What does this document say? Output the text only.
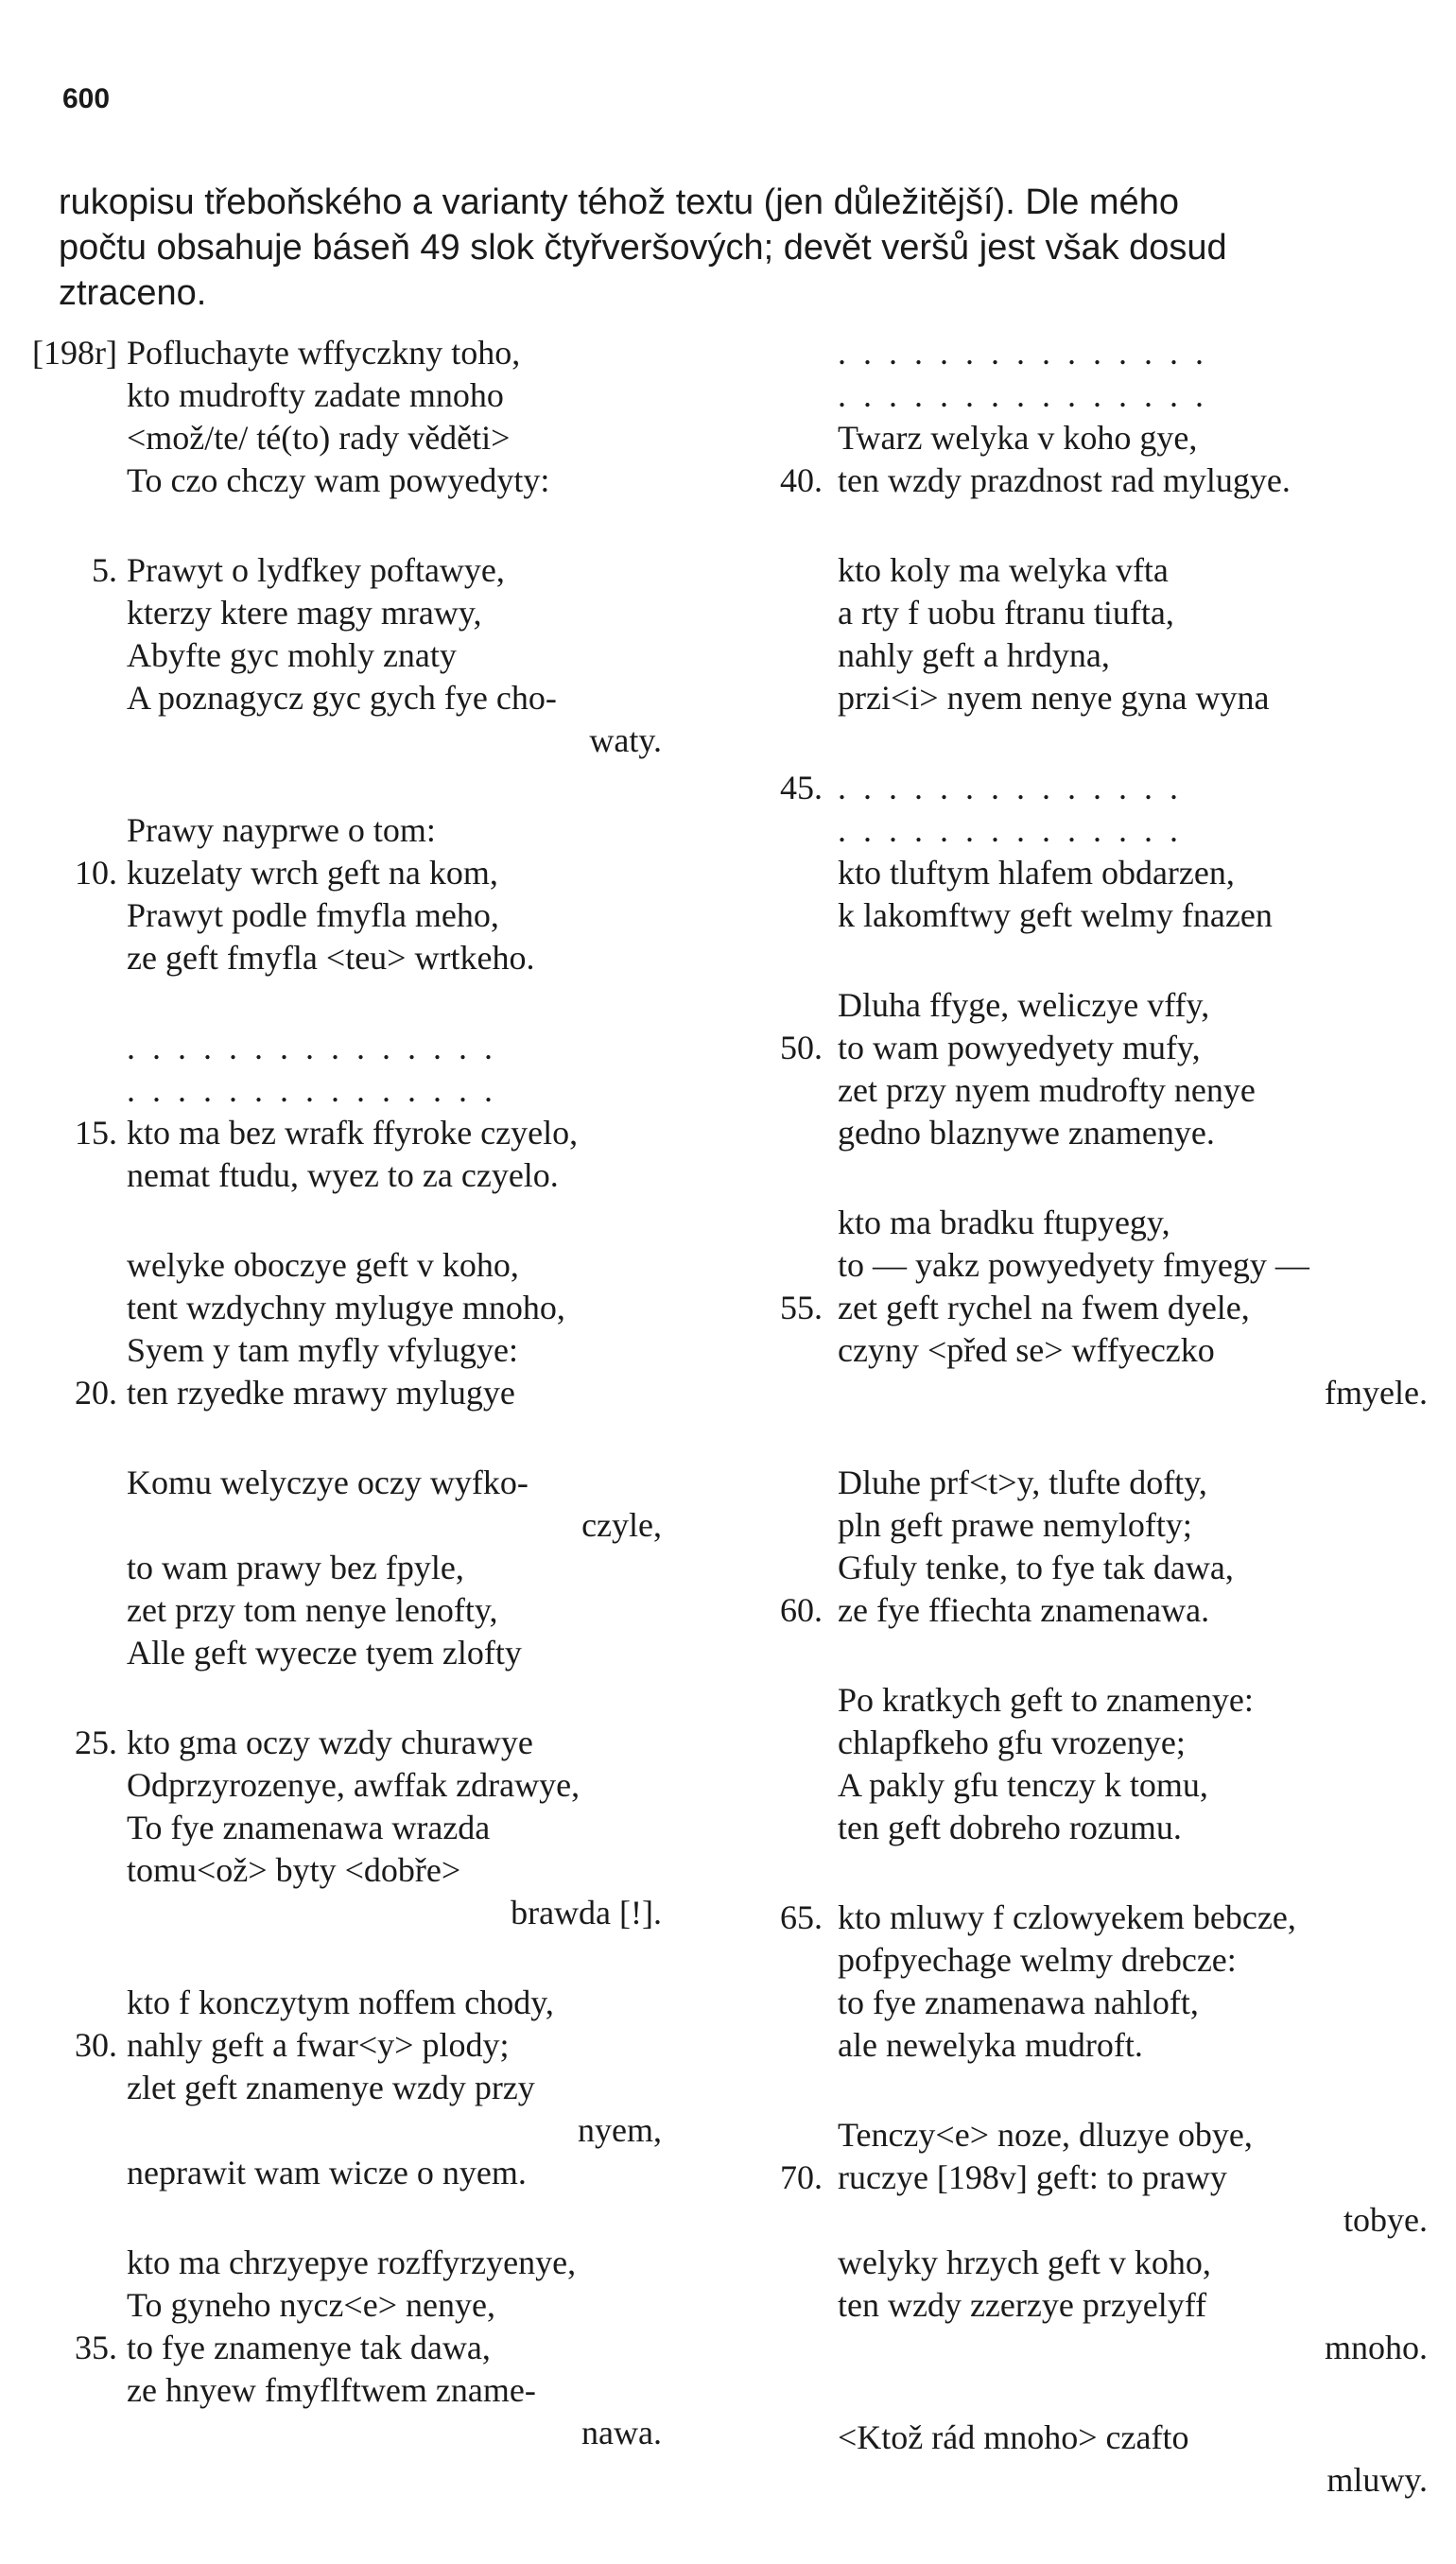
600
rukopisu třeboňského a varianty téhož textu (jen důležitější). Dle mého
počtu obsahuje báseň 49 slok čtyřveršových; devět veršů jest však dosud
ztraceno.
[198r] Pofluchayte wffyczkny toho,
kto mudrofty zadate mnoho
<mož/te/ té(to) rady věděti>
To czo chczy wam powyedyty:
5. Prawyt o lydfkey poftawye,
kterzy ktere magy mrawy,
Abyfte gyc mohly znaty
A poznagycz gyc gych fye cho-
waty.
Prawy nayprwe o tom:
10. kuzelaty wrch geft na kom,
Prawyt podle fmyfla meho,
ze geft fmyfla <teu> wrtkeho.
...............
...............
15. kto ma bez wrafk ffyroke czyelo,
nemat ftudu, wyez to za czyelo.
welyke oboczye geft v koho,
tent wzdychny mylugye mnoho,
Syem y tam myfly vfylugye:
20. ten rzyedke mrawy mylugye
Komu welyczye oczy wyfko-
czyle,
to wam prawy bez fpyle,
zet przy tom nenye lenofty,
Alle geft wyecze tyem zlofty
25. kto gma oczy wzdy churawye
Odprzyrozenye, awffak zdrawye,
To fye znamenawa wrazda
tomu<ož> byty <dobře>
brawda [!].
kto f konczytym noffem chody,
30. nahly geft a fwar<y> plody;
zlet geft znamenye wzdy przy
nyem,
neprawit wam wicze o nyem.
kto ma chrzyepye rozffyrzyenye,
To gyneho nycz<e> nenye,
35. to fye znamenye tak dawa,
ze hnyew fmyflftwem zname-
nawa.
...............
...............
Twarz welyka v koho gye,
40. ten wzdy prazdnost rad mylugye.
kto koly ma welyka vfta
a rty f uobu ftranu tiufta,
nahly geft a hrdyna,
przi<i> nyem nenye gyna wyna
45. ..............
..............
kto tluftym hlafem obdarzen,
k lakomftwy geft welmy fnazen
Dluha ffyge, weliczye vffy,
50. to wam powyedyety mufy,
zet przy nyem mudrofty nenye
gedno blaznywe znamenye.
kto ma bradku ftupyegy,
to — yakz powyedyety fmyegy —
55. zet geft rychel na fwem dyele,
czyny <před se> wffyeczko
fmyele.
Dluhe prf<t>y, tlufte dofty,
pln geft prawe nemylofty;
Gfuly tenke, to fye tak dawa,
60. ze fye ffiechta znamenawa.
Po kratkych geft to znamenye:
chlapfkeho gfu vrozenye;
A pakly gfu tenczy k tomu,
ten geft dobreho rozumu.
65. kto mluwy f czlowyekem bebcze,
pofpyechage welmy drebcze:
to fye znamenawa nahloft,
ale newelyka mudroft.
Tenczy<e> noze, dluzye obye,
70. ruczye [198v] geft: to prawy
tobye.
welyky hrzych geft v koho,
ten wzdy zzerzye przyelyff
mnoho.
<Ktož rád mnoho> czafto
mluwy.
